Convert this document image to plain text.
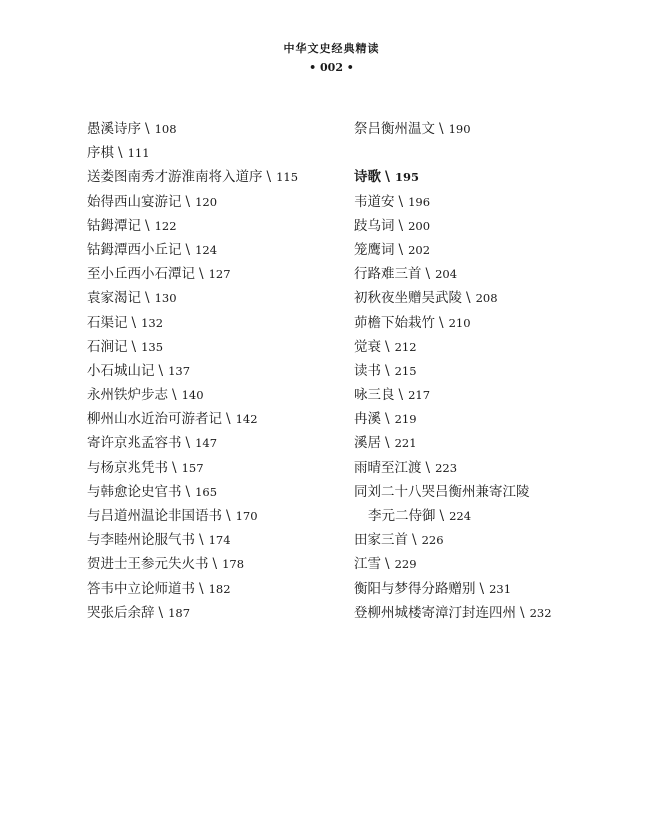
中华文史经典精读
• 002 •
愚溪诗序 \ 108
序棋 \ 111
送娄图南秀才游淮南将入道序 \ 115
始得西山宴游记 \ 120
钴鉧潭记 \ 122
钴鉧潭西小丘记 \ 124
至小丘西小石潭记 \ 127
袁家渴记 \ 130
石渠记 \ 132
石涧记 \ 135
小石城山记 \ 137
永州铁炉步志 \ 140
柳州山水近治可游者记 \ 142
寄许京兆孟容书 \ 147
与杨京兆凭书 \ 157
与韩愈论史官书 \ 165
与吕道州温论非国语书 \ 170
与李睦州论服气书 \ 174
贺进士王参元失火书 \ 178
答韦中立论师道书 \ 182
哭张后余辞 \ 187
祭吕衡州温文 \ 190
诗歌 \ 195
韦道安 \ 196
跂乌词 \ 200
笼鹰词 \ 202
行路难三首 \ 204
初秋夜坐赠吴武陵 \ 208
茆檐下始栽竹 \ 210
觉衰 \ 212
读书 \ 215
咏三良 \ 217
冉溪 \ 219
溪居 \ 221
雨晴至江渡 \ 223
同刘二十八哭吕衡州兼寄江陵
李元二侍御 \ 224
田家三首 \ 226
江雪 \ 229
衡阳与梦得分路赠别 \ 231
登柳州城楼寄漳汀封连四州 \ 232
